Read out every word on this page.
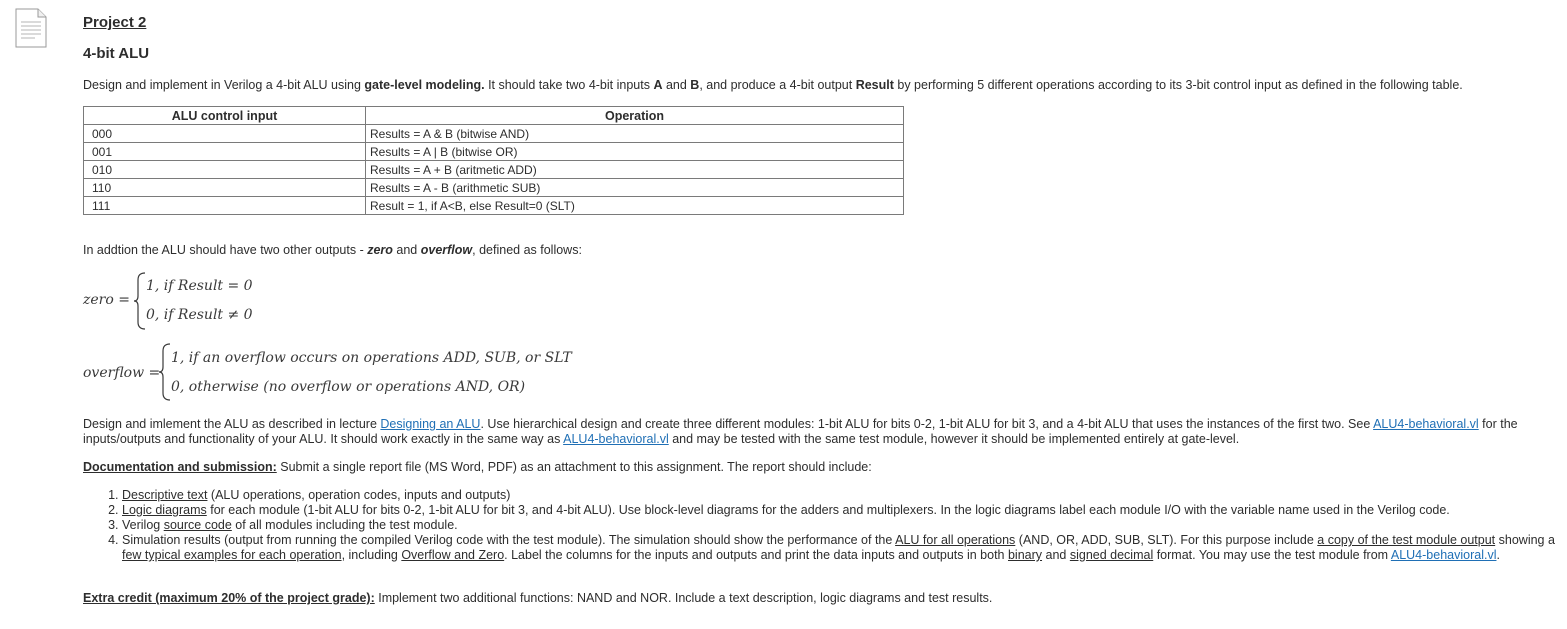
Project 2
4-bit ALU
Design and implement in Verilog a 4-bit ALU using gate-level modeling. It should take two 4-bit inputs A and B, and produce a 4-bit output Result by performing 5 different operations according to its 3-bit control input as defined in the following table.
ALU control input	Operation
000	Results = A & B (bitwise AND)
001	Results = A | B (bitwise OR)
010	Results = A + B (aritmetic ADD)
110	Results = A - B (arithmetic SUB)
111	Result = 1, if A<B, else Result=0 (SLT)
In addtion the ALU should have two other outputs - zero and overflow, defined as follows:
zero =
1, if Result = 0
0, if Result ≠ 0
overflow =
1, if an overflow occurs on operations ADD, SUB, or SLT
0, otherwise (no overflow or operations AND, OR)
Design and imlement the ALU as described in lecture Designing an ALU. Use hierarchical design and create three different modules: 1-bit ALU for bits 0-2, 1-bit ALU for bit 3, and a 4-bit ALU that uses the instances of the first two. See ALU4-behavioral.vl for the inputs/outputs and functionality of your ALU. It should work exactly in the same way as ALU4-behavioral.vl and may be tested with the same test module, however it should be implemented entirely at gate-level.
Documentation and submission: Submit a single report file (MS Word, PDF) as an attachment to this assignment. The report should include:
1. Descriptive text (ALU operations, operation codes, inputs and outputs)
2. Logic diagrams for each module (1-bit ALU for bits 0-2, 1-bit ALU for bit 3, and 4-bit ALU). Use block-level diagrams for the adders and multiplexers. In the logic diagrams label each module I/O with the variable name used in the Verilog code.
3. Verilog source code of all modules including the test module.
4. Simulation results (output from running the compiled Verilog code with the test module). The simulation should show the performance of the ALU for all operations (AND, OR, ADD, SUB, SLT). For this purpose include a copy of the test module output showing a few typical examples for each operation, including Overflow and Zero. Label the columns for the inputs and outputs and print the data inputs and outputs in both binary and signed decimal format. You may use the test module from ALU4-behavioral.vl.
Extra credit (maximum 20% of the project grade): Implement two additional functions: NAND and NOR. Include a text description, logic diagrams and test results.
